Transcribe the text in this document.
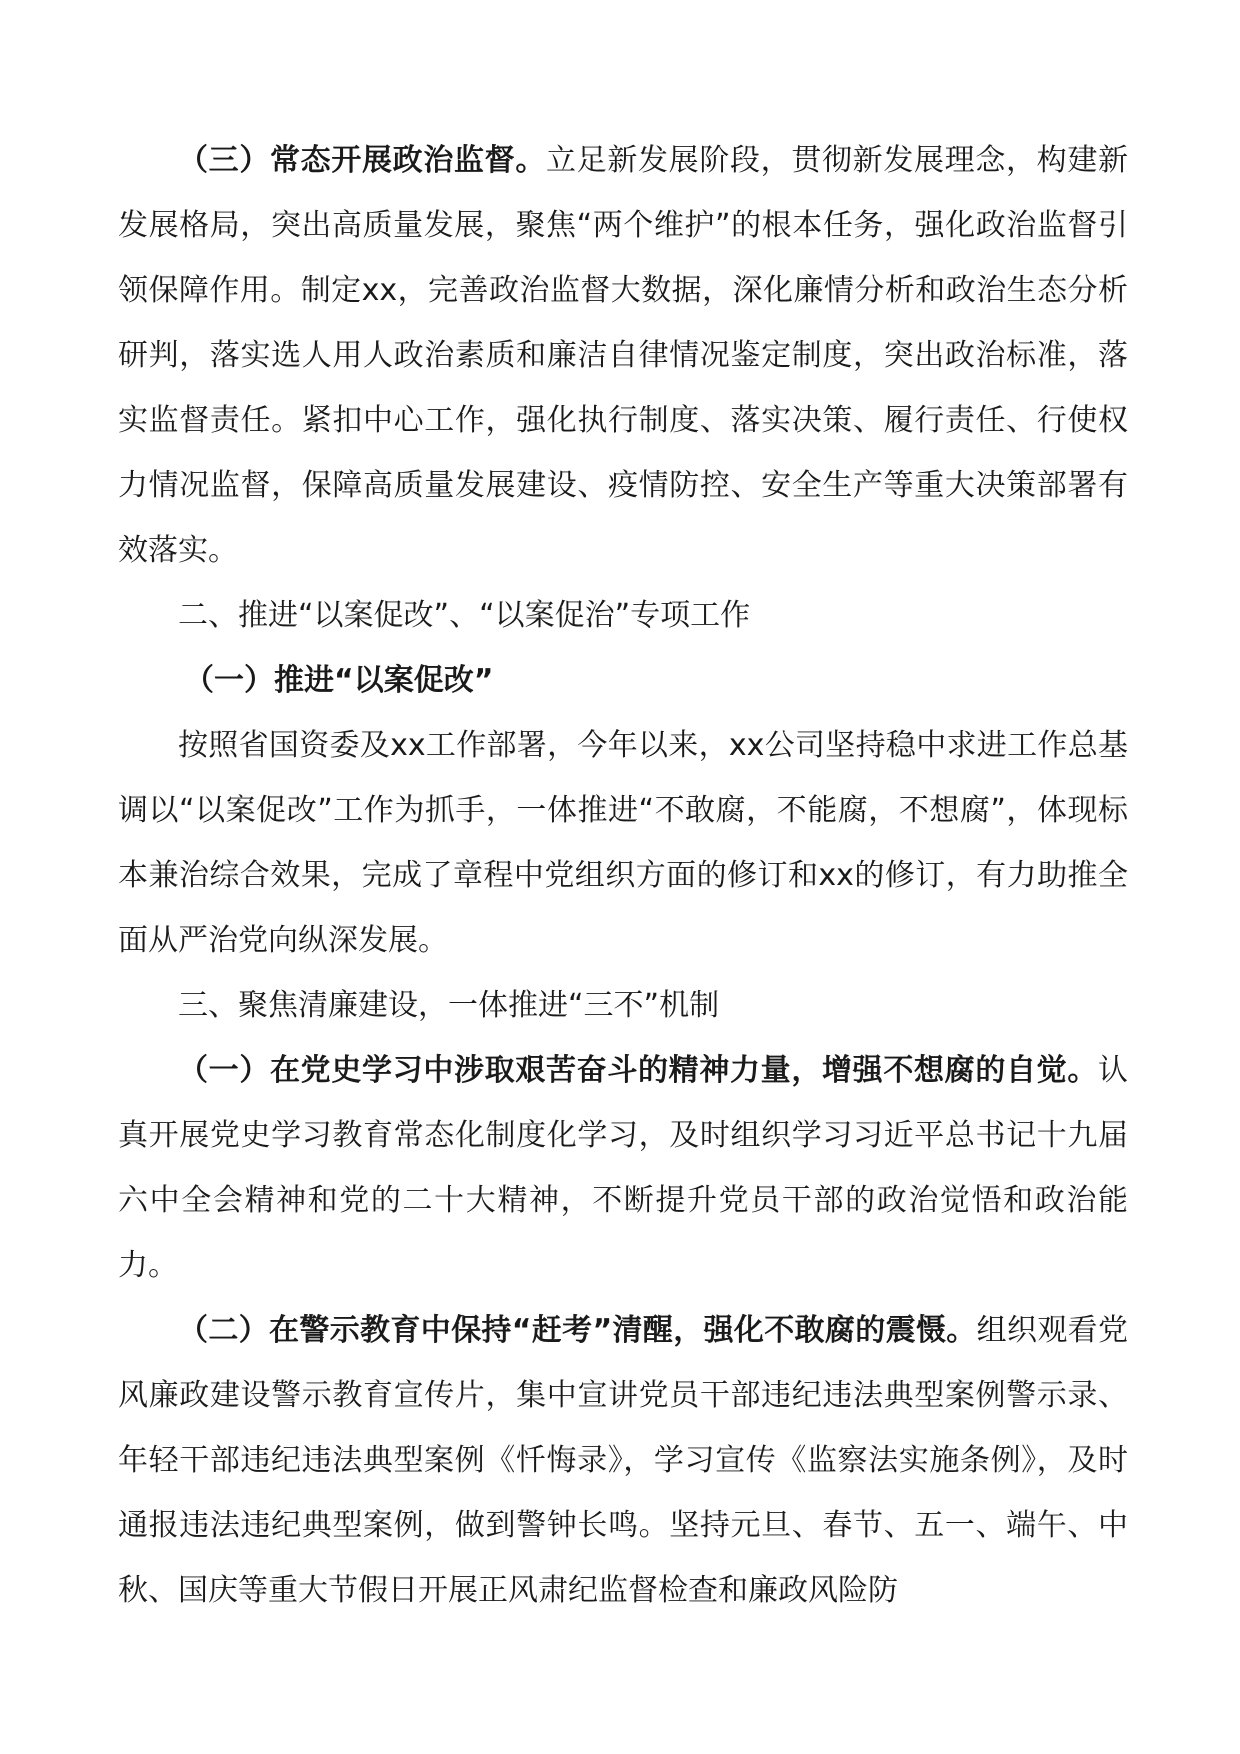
（三）常态开展政治监督。立足新发展阶段，贯彻新发展理念，构建新发展格局，突出高质量发展，聚焦“两个维护”的根本任务，强化政治监督引领保障作用。制定xx，完善政治监督大数据，深化廉情分析和政治生态分析研判，落实选人用人政治素质和廉洁自律情况鉴定制度，突出政治标准，落实监督责任。紧扣中心工作，强化执行制度、落实决策、履行责任、行使权力情况监督，保障高质量发展建设、疫情防控、安全生产等重大决策部署有效落实。

二、推进“以案促改”、“以案促治”专项工作

（一）推进“以案促改”

按照省国资委及xx工作部署，今年以来，xx公司坚持稳中求进工作总基调以“以案促改”工作为抓手，一体推进“不敢腐，不能腐，不想腐”，体现标本兼治综合效果，完成了章程中党组织方面的修订和xx的修订，有力助推全面从严治党向纵深发展。

三、聚焦清廉建设，一体推进“三不”机制

（一）在党史学习中涉取艰苦奋斗的精神力量，增强不想腐的自觉。认真开展党史学习教育常态化制度化学习，及时组织学习习近平总书记十九届六中全会精神和党的二十大精神，不断提升党员干部的政治觉悟和政治能力。

（二）在警示教育中保持“赶考”清醒，强化不敢腐的震慑。组织观看党风廉政建设警示教育宣传片，集中宣讲党员干部违纪违法典型案例警示录、年轻干部违纪违法典型案例《忏悔录》，学习宣传《监察法实施条例》，及时通报违法违纪典型案例，做到警钟长鸣。坚持元旦、春节、五一、端午、中秋、国庆等重大节假日开展正风肃纪监督检查和廉政风险防
